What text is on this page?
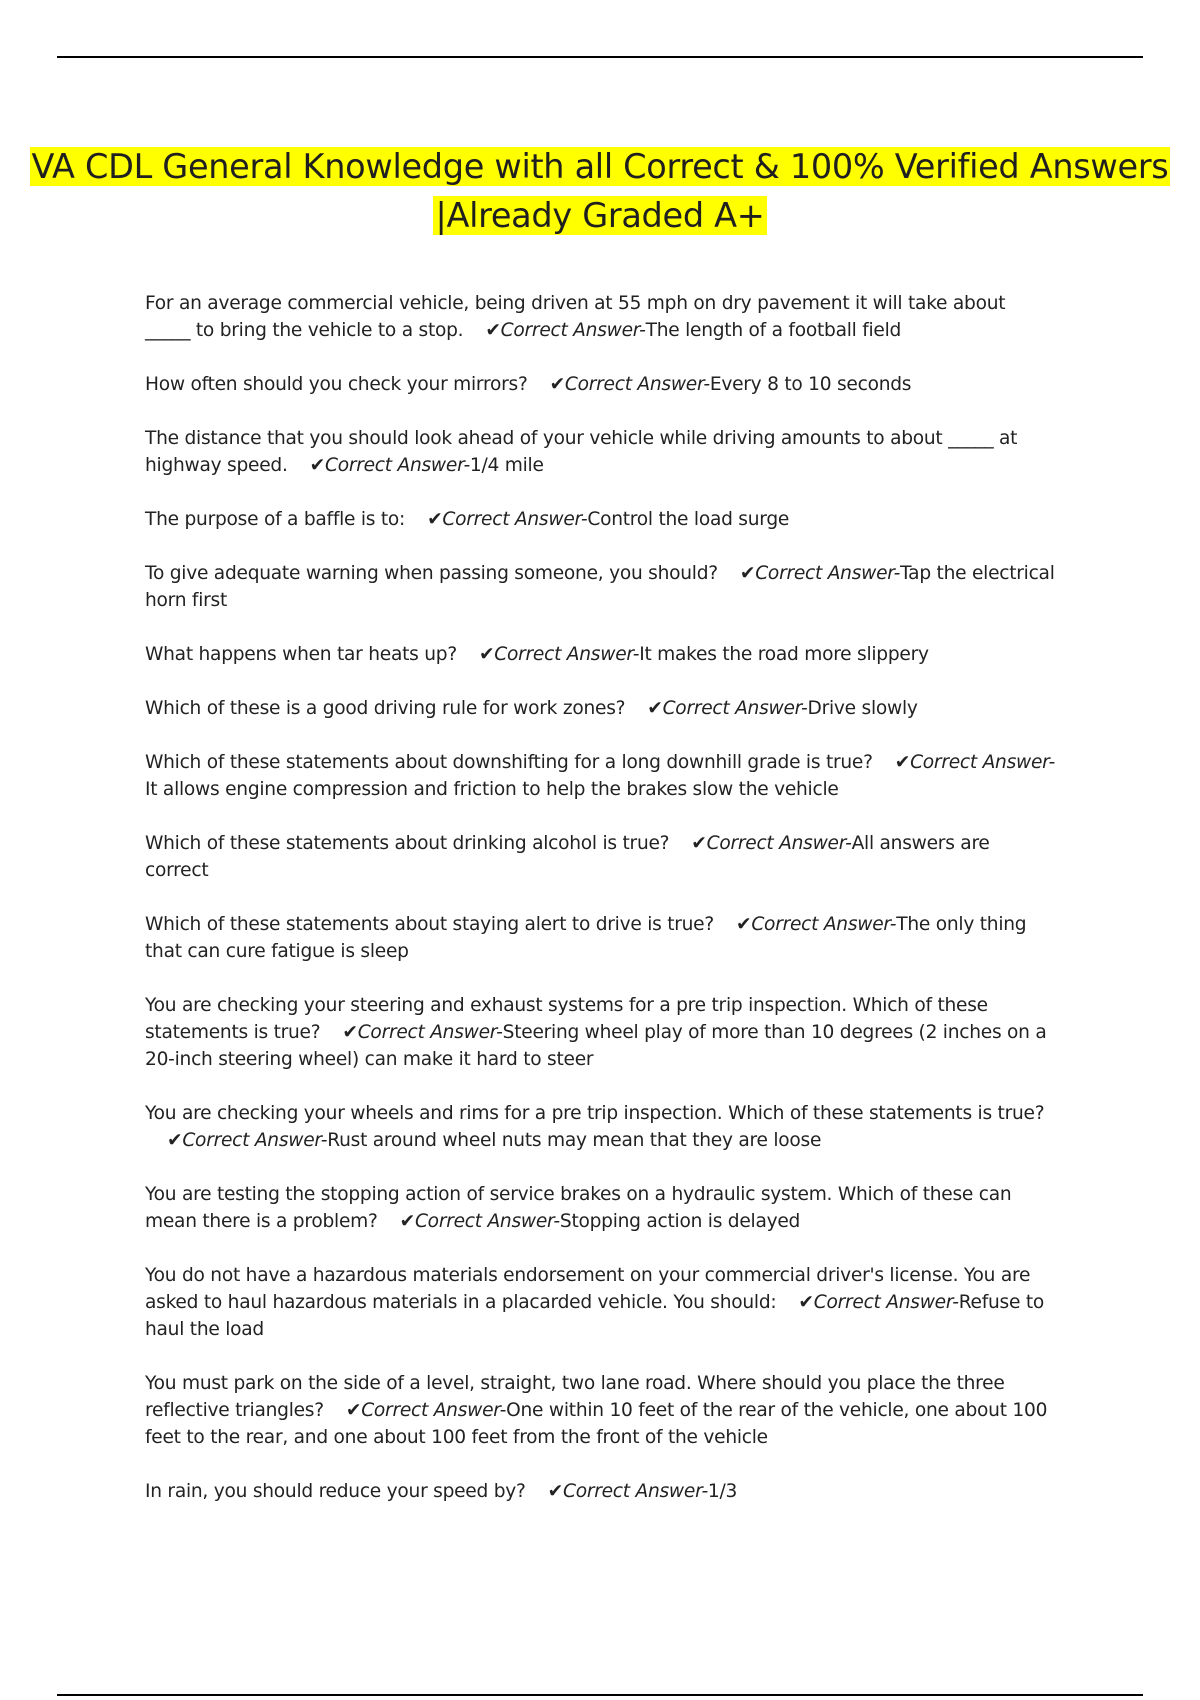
VA CDL General Knowledge with all Correct & 100% Verified Answers |Already Graded A+

For an average commercial vehicle, being driven at 55 mph on dry pavement it will take about _____ to bring the vehicle to a stop. ✔Correct Answer-The length of a football field

How often should you check your mirrors? ✔Correct Answer-Every 8 to 10 seconds

The distance that you should look ahead of your vehicle while driving amounts to about _____ at highway speed. ✔Correct Answer-1/4 mile

The purpose of a baffle is to: ✔Correct Answer-Control the load surge

To give adequate warning when passing someone, you should? ✔Correct Answer-Tap the electrical horn first

What happens when tar heats up? ✔Correct Answer-It makes the road more slippery

Which of these is a good driving rule for work zones? ✔Correct Answer-Drive slowly

Which of these statements about downshifting for a long downhill grade is true? ✔Correct Answer-It allows engine compression and friction to help the brakes slow the vehicle

Which of these statements about drinking alcohol is true? ✔Correct Answer-All answers are correct

Which of these statements about staying alert to drive is true? ✔Correct Answer-The only thing that can cure fatigue is sleep

You are checking your steering and exhaust systems for a pre trip inspection. Which of these statements is true? ✔Correct Answer-Steering wheel play of more than 10 degrees (2 inches on a 20-inch steering wheel) can make it hard to steer

You are checking your wheels and rims for a pre trip inspection. Which of these statements is true?✔Correct Answer-Rust around wheel nuts may mean that they are loose

You are testing the stopping action of service brakes on a hydraulic system. Which of these can mean there is a problem? ✔Correct Answer-Stopping action is delayed

You do not have a hazardous materials endorsement on your commercial driver's license. You are asked to haul hazardous materials in a placarded vehicle. You should: ✔Correct Answer-Refuse to haul the load

You must park on the side of a level, straight, two lane road. Where should you place the three reflective triangles? ✔Correct Answer-One within 10 feet of the rear of the vehicle, one about 100 feet to the rear, and one about 100 feet from the front of the vehicle

In rain, you should reduce your speed by? ✔Correct Answer-1/3
